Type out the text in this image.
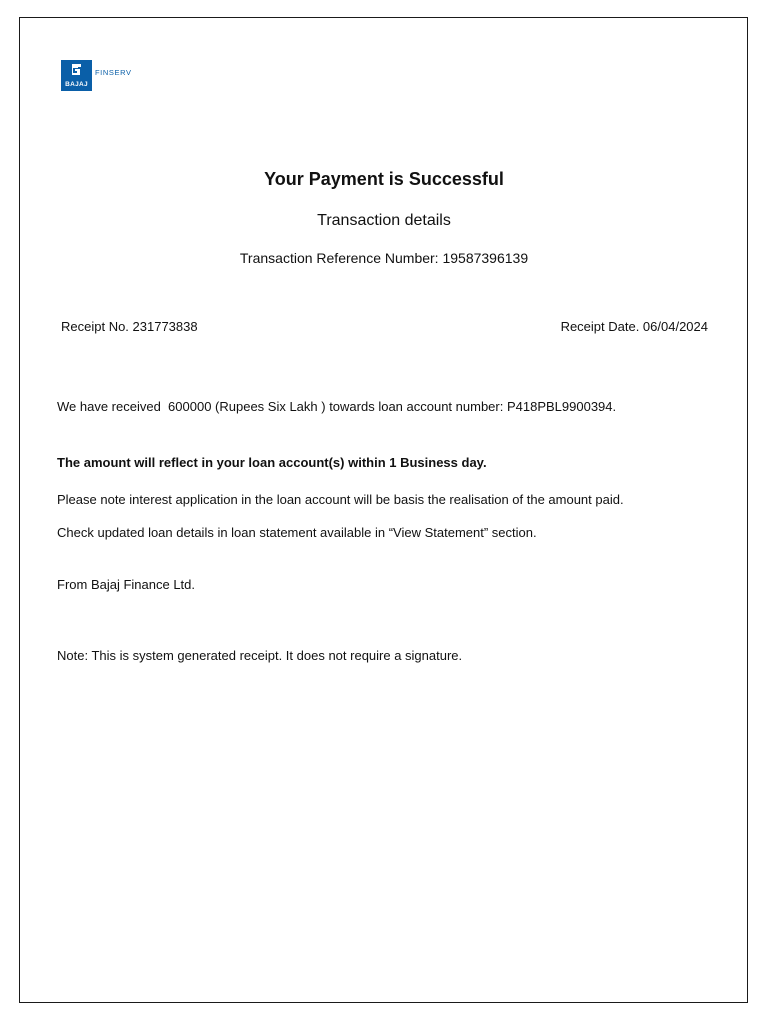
BAJAJ
FINSERV
Your Payment is Successful
Transaction details
Transaction Reference Number: 19587396139
Receipt No. 231773838	Receipt Date. 06/04/2024
We have received  600000 (Rupees Six Lakh ) towards loan account number: P418PBL9900394.
The amount will reflect in your loan account(s) within 1 Business day.
Please note interest application in the loan account will be basis the realisation of the amount paid.
Check updated loan details in loan statement available in “View Statement” section.
From Bajaj Finance Ltd.
Note: This is system generated receipt. It does not require a signature.
